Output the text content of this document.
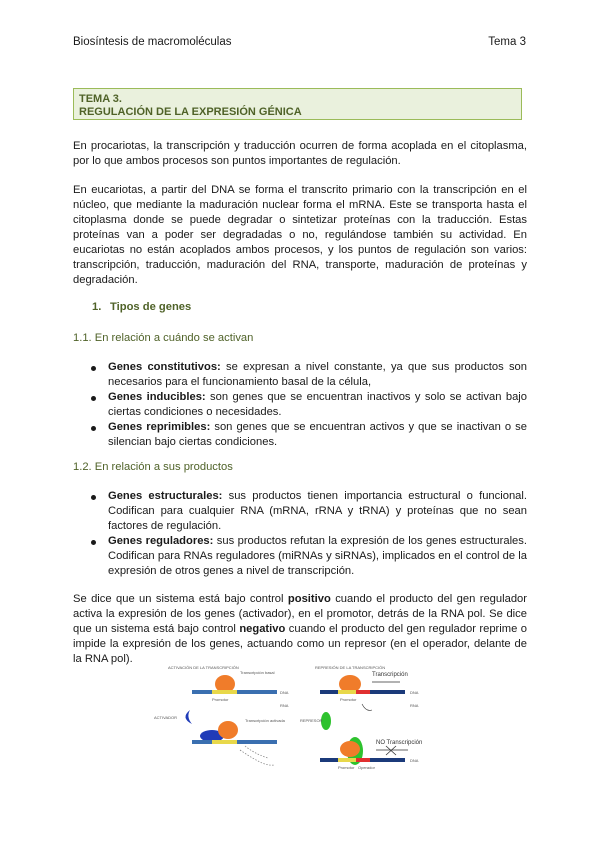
Biosíntesis de macromoléculas	Tema 3
TEMA 3.
REGULACIÓN DE LA EXPRESIÓN GÉNICA

En procariotas, la transcripción y traducción ocurren de forma acoplada en el citoplasma, por lo que ambos procesos son puntos importantes de regulación.

En eucariotas, a partir del DNA se forma el transcrito primario con la transcripción en el núcleo, que mediante la maduración nuclear forma el mRNA. Este se transporta hasta el citoplasma donde se puede degradar o sintetizar proteínas con la traducción. Estas proteínas van a poder ser degradadas o no, regulándose también su actividad. En eucariotas no están acoplados ambos procesos, y los puntos de regulación son varios: transcripción, traducción, maduración del RNA, transporte, maduración de proteínas y degradación.

1. Tipos de genes
1.1. En relación a cuándo se activan
Genes constitutivos: se expresan a nivel constante, ya que sus productos son necesarios para el funcionamiento basal de la célula,
Genes inducibles: son genes que se encuentran inactivos y solo se activan bajo ciertas condiciones o necesidades.
Genes reprimibles: son genes que se encuentran activos y que se inactivan o se silencian bajo ciertas condiciones.
1.2. En relación a sus productos
Genes estructurales: sus productos tienen importancia estructural o funcional. Codifican para cualquier RNA (mRNA, rRNA y tRNA) y proteínas que no sean factores de regulación.
Genes reguladores: sus productos refutan la expresión de los genes estructurales. Codifican para RNAs reguladores (miRNAs y siRNAs), implicados en el control de la expresión de otros genes a nivel de transcripción.

Se dice que un sistema está bajo control positivo cuando el producto del gen regulador activa la expresión de los genes (activador), en el promotor, detrás de la RNA pol. Se dice que un sistema está bajo control negativo cuando el producto del gen regulador reprime o impide la expresión de los genes, actuando como un represor (en el operador, delante de la RNA pol).

ACTIVACIÓN DE LA TRANSCRIPCIÓN
Transcripción basal
Promotor
DNA
RNA
ACTIVADOR
Transcripción activada
REPRESIÓN DE LA TRANSCRIPCIÓN
Transcripción
Promotor
DNA
RNA
REPRESOR
NO Transcripción
Promotor Operador
DNA
